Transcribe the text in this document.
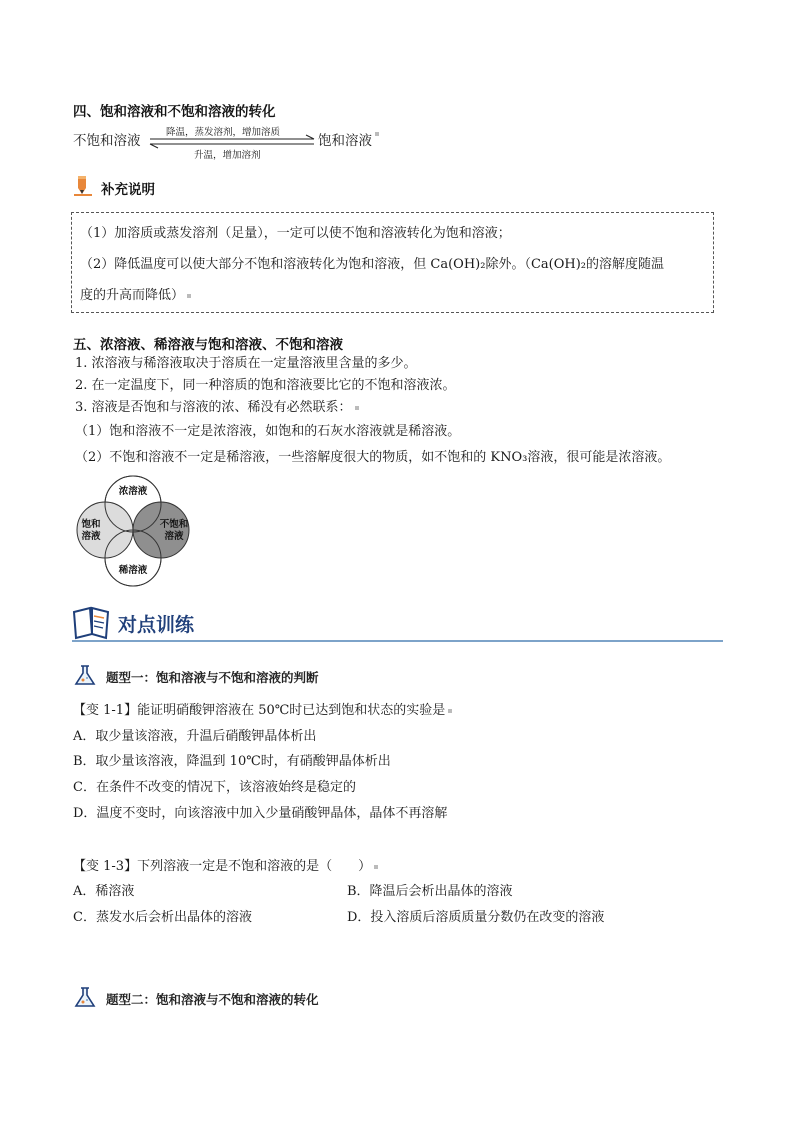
四、饱和溶液和不饱和溶液的转化
不饱和溶液
降温，蒸发溶剂，增加溶质
升温，增加溶剂
饱和溶液
补充说明
（1）加溶质或蒸发溶剂（足量），一定可以使不饱和溶液转化为饱和溶液；
（2）降低温度可以使大部分不饱和溶液转化为饱和溶液，但 Ca(OH)₂除外。（Ca(OH)₂的溶解度随温
度的升高而降低）
五、浓溶液、稀溶液与饱和溶液、不饱和溶液
1. 浓溶液与稀溶液取决于溶质在一定量溶液里含量的多少。
2. 在一定温度下，同一种溶质的饱和溶液要比它的不饱和溶液浓。
3. 溶液是否饱和与溶液的浓、稀没有必然联系：
（1）饱和溶液不一定是浓溶液，如饱和的石灰水溶液就是稀溶液。
（2）不饱和溶液不一定是稀溶液，一些溶解度很大的物质，如不饱和的 KNO₃溶液，很可能是浓溶液。
浓溶液
饱和
溶液
不饱和
溶液
稀溶液
对点训练
题型一：饱和溶液与不饱和溶液的判断
【变 1-1】能证明硝酸钾溶液在 50℃时已达到饱和状态的实验是
A．取少量该溶液，升温后硝酸钾晶体析出
B．取少量该溶液，降温到 10℃时，有硝酸钾晶体析出
C．在条件不改变的情况下，该溶液始终是稳定的
D．温度不变时，向该溶液中加入少量硝酸钾晶体，晶体不再溶解
【变 1-3】下列溶液一定是不饱和溶液的是（　　）
A．稀溶液	B．降温后会析出晶体的溶液
C．蒸发水后会析出晶体的溶液	D．投入溶质后溶质质量分数仍在改变的溶液
题型二：饱和溶液与不饱和溶液的转化
